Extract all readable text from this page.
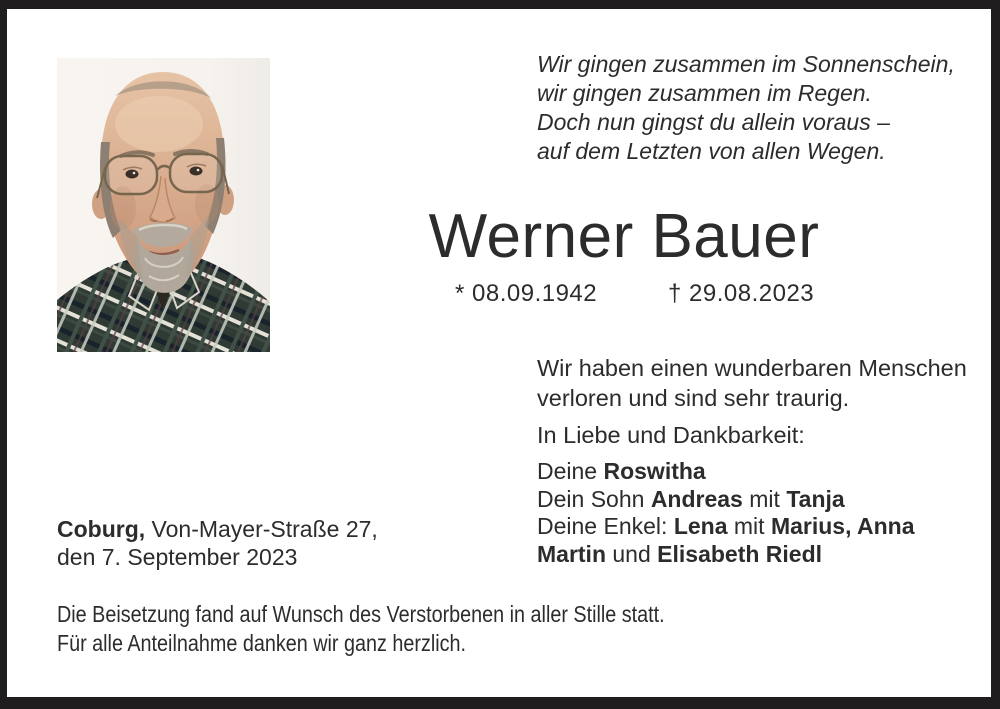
Wir gingen zusammen im Sonnenschein,
wir gingen zusammen im Regen.
Doch nun gingst du allein voraus –
auf dem Letzten von allen Wegen.
Werner Bauer
* 08.09.1942	† 29.08.2023
Wir haben einen wunderbaren Menschen
verloren und sind sehr traurig.
In Liebe und Dankbarkeit:
Deine Roswitha
Dein Sohn Andreas mit Tanja
Deine Enkel: Lena mit Marius, Anna
Martin und Elisabeth Riedl
Coburg, Von-Mayer-Straße 27,
den 7. September 2023
Die Beisetzung fand auf Wunsch des Verstorbenen in aller Stille statt.
Für alle Anteilnahme danken wir ganz herzlich.
